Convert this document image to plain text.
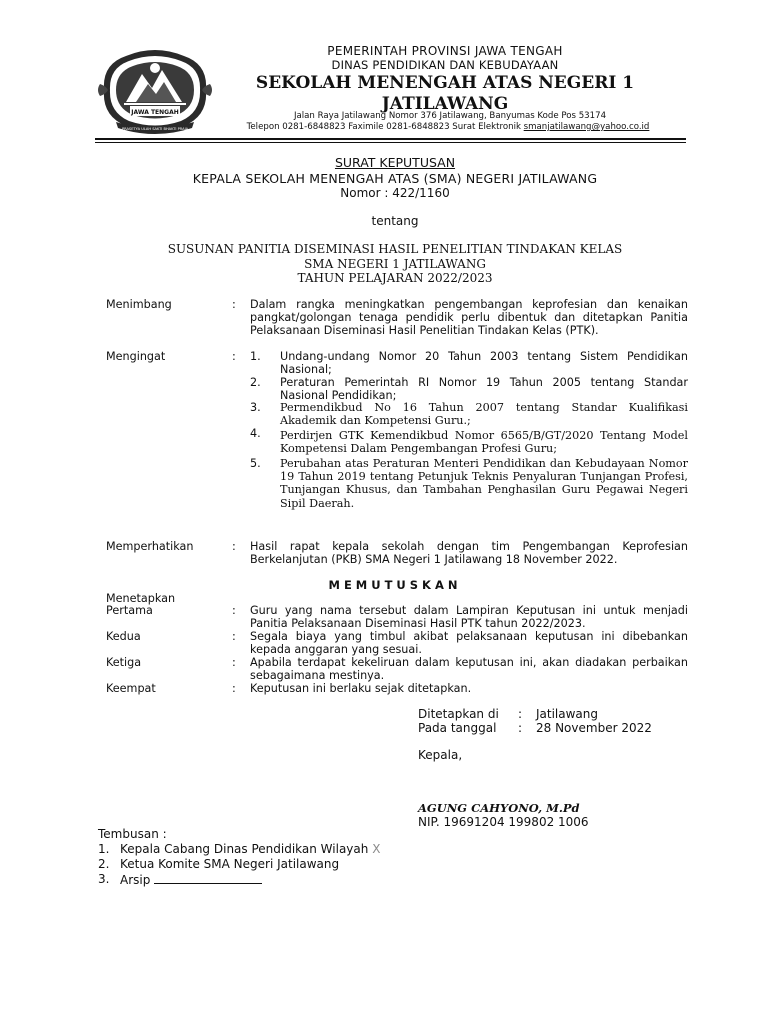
JAWA TENGAH
PRASETYA ULAH SAKTI BHAKTI PRAJA
PEMERINTAH PROVINSI JAWA TENGAH
DINAS PENDIDIKAN DAN KEBUDAYAAN
SEKOLAH MENENGAH ATAS NEGERI 1
JATILAWANG
Jalan Raya Jatilawang Nomor 376 Jatilawang, Banyumas Kode Pos 53174
Telepon 0281-6848823 Faximile 0281-6848823 Surat Elektronik smanjatilawang@yahoo.co.id
SURAT KEPUTUSAN
KEPALA SEKOLAH MENENGAH ATAS (SMA) NEGERI JATILAWANG
Nomor : 422/1160
tentang
SUSUNAN PANITIA DISEMINASI HASIL PENELITIAN TINDAKAN KELAS
SMA NEGERI 1 JATILAWANG
TAHUN PELAJARAN 2022/2023
Menimbang	: Dalam rangka meningkatkan pengembangan keprofesian dan kenaikan pangkat/golongan tenaga pendidik perlu dibentuk dan ditetapkan Panitia Pelaksanaan Diseminasi Hasil Penelitian Tindakan Kelas (PTK).
Mengingat	: 1. Undang-undang Nomor 20 Tahun 2003 tentang Sistem Pendidikan Nasional;
2. Peraturan Pemerintah RI Nomor 19 Tahun 2005 tentang Standar Nasional Pendidikan;
3. Permendikbud No 16 Tahun 2007 tentang Standar Kualifikasi Akademik dan Kompetensi Guru.;
4. Perdirjen GTK Kemendikbud Nomor 6565/B/GT/2020 Tentang Model Kompetensi Dalam Pengembangan Profesi Guru;
5. Perubahan atas Peraturan Menteri Pendidikan dan Kebudayaan Nomor 19 Tahun 2019 tentang Petunjuk Teknis Penyaluran Tunjangan Profesi, Tunjangan Khusus, dan Tambahan Penghasilan Guru Pegawai Negeri Sipil Daerah.
Memperhatikan	: Hasil rapat kepala sekolah dengan tim Pengembangan Keprofesian Berkelanjutan (PKB) SMA Negeri 1 Jatilawang 18 November 2022.
MEMUTUSKAN
Menetapkan
Pertama	: Guru yang nama tersebut dalam Lampiran Keputusan ini untuk menjadi Panitia Pelaksanaan Diseminasi Hasil PTK tahun 2022/2023.
Kedua	: Segala biaya yang timbul akibat pelaksanaan keputusan ini dibebankan kepada anggaran yang sesuai.
Ketiga	: Apabila terdapat kekeliruan dalam keputusan ini, akan diadakan perbaikan sebagaimana mestinya.
Keempat	: Keputusan ini berlaku sejak ditetapkan.
Ditetapkan di : Jatilawang
Pada tanggal : 28 November 2022
Kepala,
AGUNG CAHYONO, M.Pd
NIP. 19691204 199802 1006
Tembusan :
1. Kepala Cabang Dinas Pendidikan Wilayah X
2. Ketua Komite SMA Negeri Jatilawang
3. Arsip
